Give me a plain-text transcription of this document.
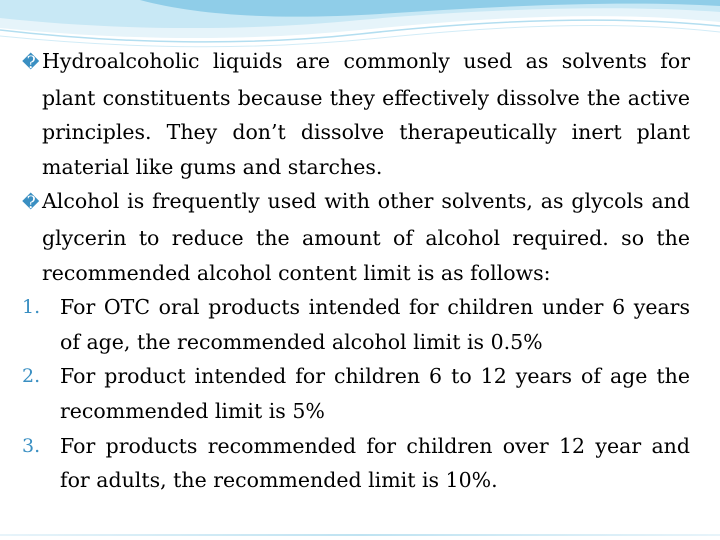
� Hydroalcoholic liquids are commonly used as solvents for plant constituents because they effectively dissolve the active principles. They don’t dissolve therapeutically inert plant material like gums and starches.

� Alcohol is frequently used with other solvents, as glycols and glycerin to reduce the amount of alcohol required. so the recommended alcohol content limit is as follows:

1. For OTC oral products intended for children under 6 years of age, the recommended alcohol limit is 0.5%

2. For product intended for children 6 to 12 years of age the recommended limit is 5%

3. For products recommended for children over 12 year and for adults, the recommended limit is 10%.
